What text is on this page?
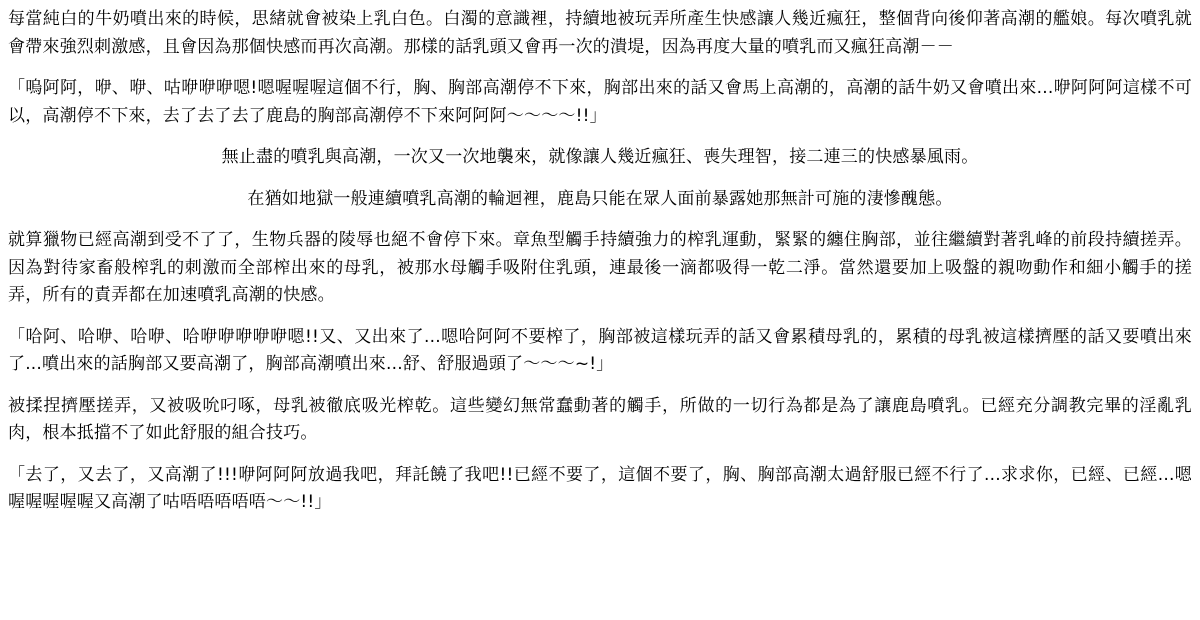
每當純白的牛奶噴出來的時候，思緒就會被染上乳白色。白濁的意識裡，持續地被玩弄所產生快感讓人幾近瘋狂，整個背向後仰著高潮的艦娘。每次噴乳就會帶來強烈刺激感，且會因為那個快感而再次高潮。那樣的話乳頭又會再一次的潰堤，因為再度大量的噴乳而又瘋狂高潮－－

「嗚阿阿，咿、咿、咕咿咿咿嗯!嗯喔喔喔這個不行，胸、胸部高潮停不下來，胸部出來的話又會馬上高潮的，高潮的話牛奶又會噴出來...咿阿阿阿這樣不可以，高潮停不下來，去了去了去了鹿島的胸部高潮停不下來阿阿阿～～～～!!」

無止盡的噴乳與高潮，一次又一次地襲來，就像讓人幾近瘋狂、喪失理智，接二連三的快感暴風雨。

在猶如地獄一般連續噴乳高潮的輪迴裡，鹿島只能在眾人面前暴露她那無計可施的淒慘醜態。

就算獵物已經高潮到受不了了，生物兵器的陵辱也絕不會停下來。章魚型觸手持續強力的榨乳運動，緊緊的纏住胸部，並往繼續對著乳峰的前段持續搓弄。因為對待家畜般榨乳的刺激而全部榨出來的母乳，被那水母觸手吸附住乳頭，連最後一滴都吸得一乾二淨。當然還要加上吸盤的親吻動作和細小觸手的搓弄，所有的責弄都在加速噴乳高潮的快感。

「哈阿、哈咿、哈咿、哈咿咿咿咿咿嗯!!又、又出來了...嗯哈阿阿不要榨了，胸部被這樣玩弄的話又會累積母乳的，累積的母乳被這樣擠壓的話又要噴出來了...噴出來的話胸部又要高潮了，胸部高潮噴出來...舒、舒服過頭了～～～~!」

被揉捏擠壓搓弄，又被吸吮叼啄，母乳被徹底吸光榨乾。這些變幻無常蠢動著的觸手，所做的一切行為都是為了讓鹿島噴乳。已經充分調教完畢的淫亂乳肉，根本抵擋不了如此舒服的組合技巧。

「去了，又去了，又高潮了!!!咿阿阿阿放過我吧，拜託饒了我吧!!已經不要了，這個不要了，胸、胸部高潮太過舒服已經不行了...求求你，已經、已經...嗯喔喔喔喔喔又高潮了咕唔唔唔唔唔～～!!」
